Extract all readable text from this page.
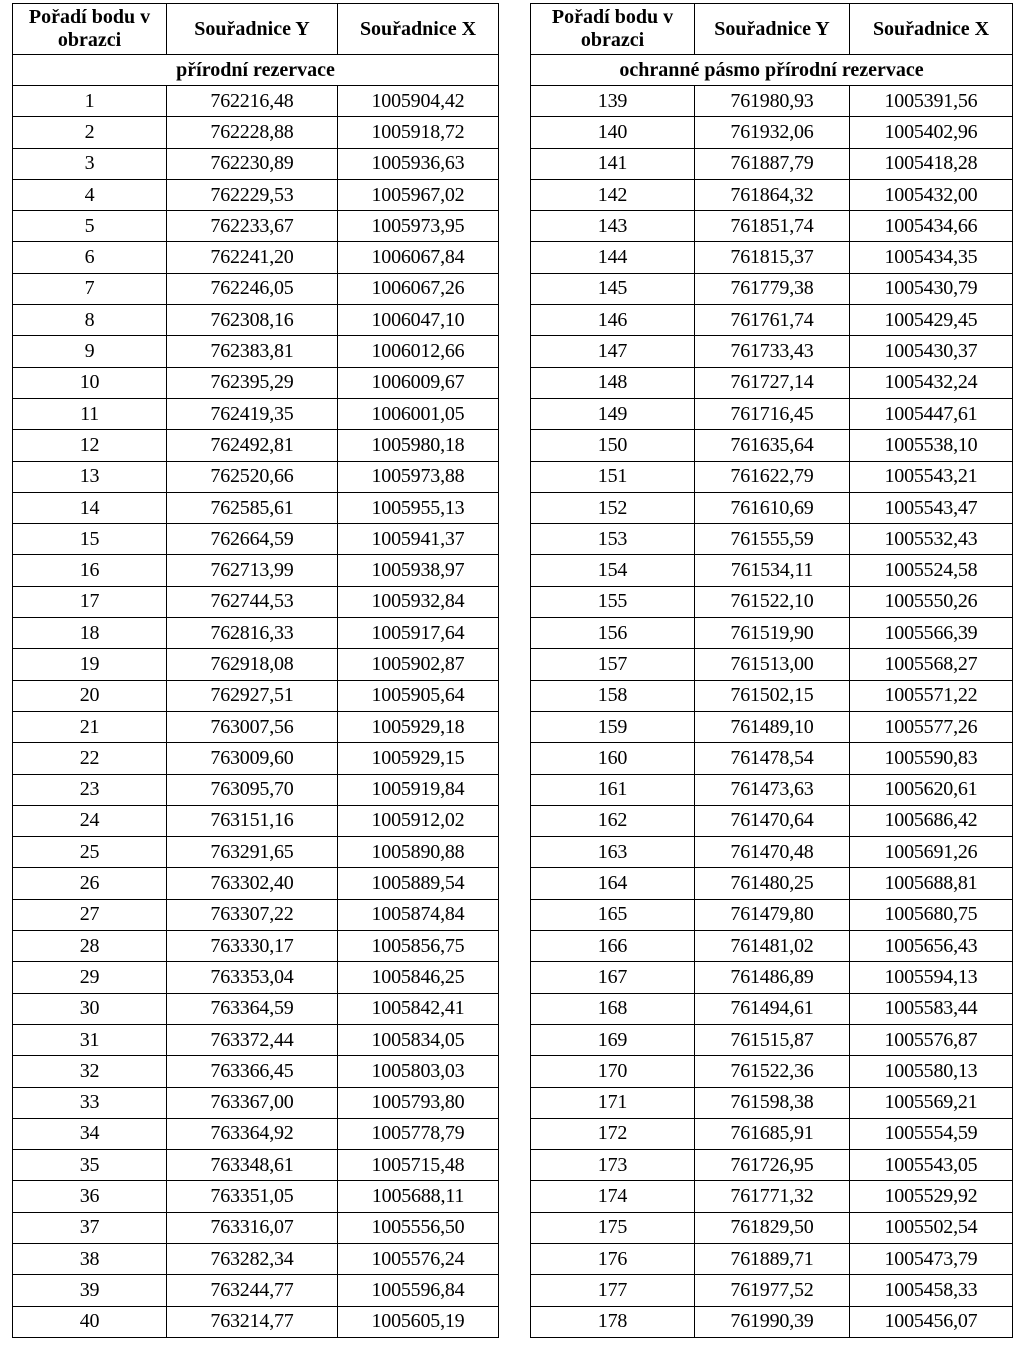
Pořadí bodu v obrazci	Souřadnice Y	Souřadnice X
přírodní rezervace		
1	762216,48	1005904,42
2	762228,88	1005918,72
3	762230,89	1005936,63
4	762229,53	1005967,02
5	762233,67	1005973,95
6	762241,20	1006067,84
7	762246,05	1006067,26
8	762308,16	1006047,10
9	762383,81	1006012,66
10	762395,29	1006009,67
11	762419,35	1006001,05
12	762492,81	1005980,18
13	762520,66	1005973,88
14	762585,61	1005955,13
15	762664,59	1005941,37
16	762713,99	1005938,97
17	762744,53	1005932,84
18	762816,33	1005917,64
19	762918,08	1005902,87
20	762927,51	1005905,64
21	763007,56	1005929,18
22	763009,60	1005929,15
23	763095,70	1005919,84
24	763151,16	1005912,02
25	763291,65	1005890,88
26	763302,40	1005889,54
27	763307,22	1005874,84
28	763330,17	1005856,75
29	763353,04	1005846,25
30	763364,59	1005842,41
31	763372,44	1005834,05
32	763366,45	1005803,03
33	763367,00	1005793,80
34	763364,92	1005778,79
35	763348,61	1005715,48
36	763351,05	1005688,11
37	763316,07	1005556,50
38	763282,34	1005576,24
39	763244,77	1005596,84
40	763214,77	1005605,19
Pořadí bodu v obrazci	Souřadnice Y	Souřadnice X
ochranné pásmo přírodní rezervace		
139	761980,93	1005391,56
140	761932,06	1005402,96
141	761887,79	1005418,28
142	761864,32	1005432,00
143	761851,74	1005434,66
144	761815,37	1005434,35
145	761779,38	1005430,79
146	761761,74	1005429,45
147	761733,43	1005430,37
148	761727,14	1005432,24
149	761716,45	1005447,61
150	761635,64	1005538,10
151	761622,79	1005543,21
152	761610,69	1005543,47
153	761555,59	1005532,43
154	761534,11	1005524,58
155	761522,10	1005550,26
156	761519,90	1005566,39
157	761513,00	1005568,27
158	761502,15	1005571,22
159	761489,10	1005577,26
160	761478,54	1005590,83
161	761473,63	1005620,61
162	761470,64	1005686,42
163	761470,48	1005691,26
164	761480,25	1005688,81
165	761479,80	1005680,75
166	761481,02	1005656,43
167	761486,89	1005594,13
168	761494,61	1005583,44
169	761515,87	1005576,87
170	761522,36	1005580,13
171	761598,38	1005569,21
172	761685,91	1005554,59
173	761726,95	1005543,05
174	761771,32	1005529,92
175	761829,50	1005502,54
176	761889,71	1005473,79
177	761977,52	1005458,33
178	761990,39	1005456,07
